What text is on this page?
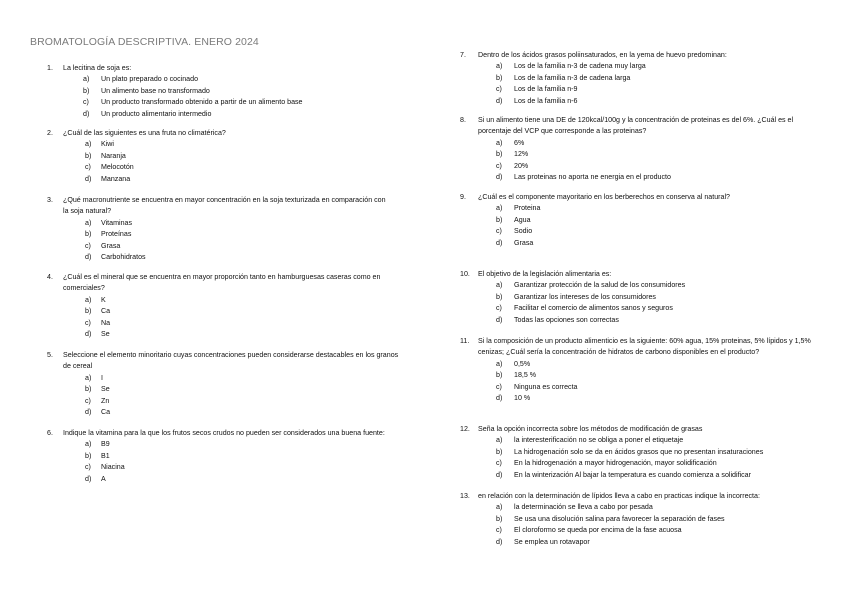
BROMATOLOGÍA DESCRIPTIVA. ENERO 2024
1.	La lecitina de soja es:
a)	Un plato preparado o cocinado
b)	Un alimento base no transformado
c)	Un producto transformado obtenido a partir de un alimento base
d)	Un producto alimentario intermedio
2.	¿Cuál de las siguientes es una fruta no climatérica?
a)	Kiwi
b)	Naranja
c)	Melocotón
d)	Manzana
3.	¿Qué macronutriente se encuentra en mayor concentración en la soja texturizada en comparación con la soja natural?
a)	Vitaminas
b)	Proteínas
c)	Grasa
d)	Carbohidratos
4.	¿Cuál es el mineral que se encuentra en mayor proporción tanto en hamburguesas caseras como en comerciales?
a)	K
b)	Ca
c)	Na
d)	Se
5.	Seleccione el elemento minoritario cuyas concentraciones pueden considerarse destacables en los granos de cereal
a)	I
b)	Se
c)	Zn
d)	Ca
6.	Indique la vitamina para la que los frutos secos crudos no pueden ser considerados una buena fuente:
a)	B9
b)	B1
c)	Niacina
d)	A
7.	Dentro de los ácidos grasos poliinsaturados, en la yema de huevo predominan:
a)	Los de la familia n-3 de cadena muy larga
b)	Los de la familia n-3 de cadena larga
c)	Los de la familia n-9
d)	Los de la familia n-6
8.	Si un alimento tiene una DE de 120kcal/100g y la concentración de proteinas es del 6%. ¿Cuál es el porcentaje del VCP que corresponde a las proteinas?
a)	6%
b)	12%
c)	20%
d)	Las proteinas no aporta ne energia en el producto
9.	¿Cuál es el componente mayoritario en los berberechos en conserva al natural?
a)	Proteina
b)	Agua
c)	Sodio
d)	Grasa
10.	El objetivo de la legislación alimentaria es:
a)	Garantizar protección de la salud de los consumidores
b)	Garantizar los intereses de los consumidores
c)	Facilitar el comercio de alimentos sanos y seguros
d)	Todas las opciones son correctas
11.	Si la composición de un producto alimenticio es la siguiente: 60% agua, 15% proteinas, 5% lípidos y 1,5% cenizas; ¿Cuál sería la concentración de hidratos de carbono disponibles en el producto?
a)	0,5%
b)	18,5 %
c)	Ninguna es correcta
d)	10 %
12.	Seña la opción incorrecta sobre los métodos de modificación de grasas
a)	la interesterificación no se obliga a poner el etiquetaje
b)	La hidrogenación solo se da en ácidos grasos que no presentan insaturaciones
c)	En la hidrogenación a mayor hidrogenación, mayor solidificación
d)	En la winterización Al bajar la temperatura es cuando comienza a solidificar
13.	en relación con la determinación de lípidos lleva a cabo en practicas indique la incorrecta:
a)	la determinación se lleva a cabo por pesada
b)	Se usa una disolución salina para favorecer la separación de fases
c)	El cloroformo se queda por encima de la fase acuosa
d)	Se emplea un rotavapor
